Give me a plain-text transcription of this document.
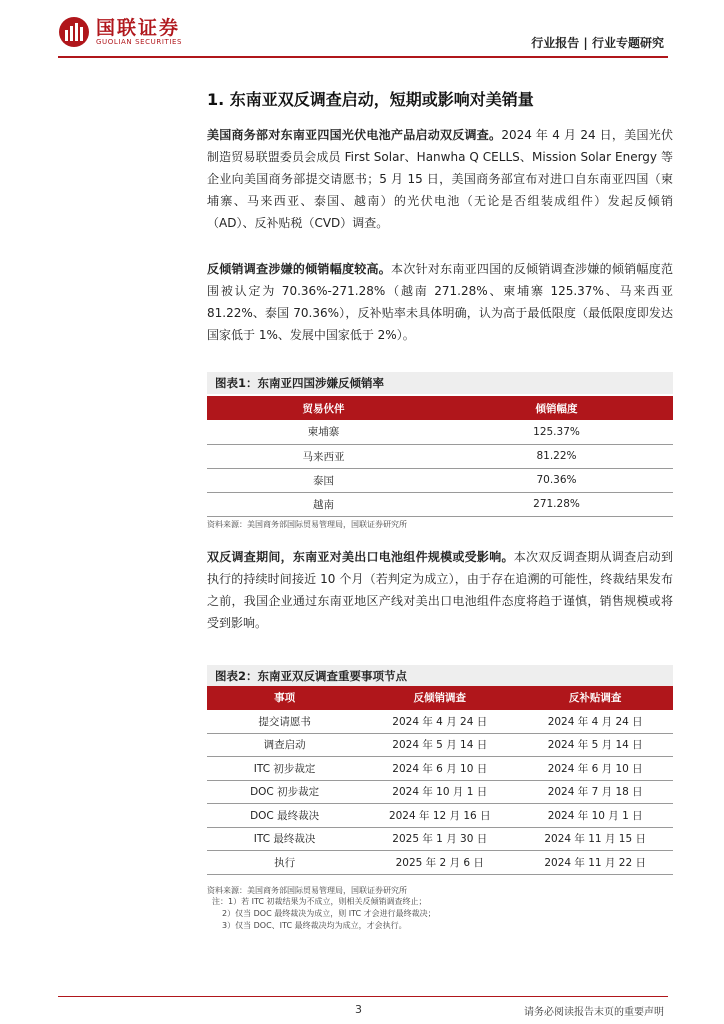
国联证券
GUOLIAN SECURITIES	行业报告 | 行业专题研究
1. 东南亚双反调查启动，短期或影响对美销量
美国商务部对东南亚四国光伏电池产品启动双反调查。2024 年 4 月 24 日，美国光伏制造贸易联盟委员会成员 First Solar、Hanwha Q CELLS、Mission Solar Energy 等企业向美国商务部提交请愿书；5 月 15 日，美国商务部宣布对进口自东南亚四国（柬埔寨、马来西亚、泰国、越南）的光伏电池（无论是否组装成组件）发起反倾销（AD）、反补贴税（CVD）调查。
反倾销调查涉嫌的倾销幅度较高。本次针对东南亚四国的反倾销调查涉嫌的倾销幅度范围被认定为 70.36%-271.28%（越南 271.28%、柬埔寨 125.37%、马来西亚 81.22%、泰国 70.36%），反补贴率未具体明确，认为高于最低限度（最低限度即发达国家低于 1%、发展中国家低于 2%）。
图表1：东南亚四国涉嫌反倾销率
贸易伙伴	倾销幅度
柬埔寨	125.37%
马来西亚	81.22%
泰国	70.36%
越南	271.28%
资料来源：美国商务部国际贸易管理局，国联证券研究所
双反调查期间，东南亚对美出口电池组件规模或受影响。本次双反调查期从调查启动到执行的持续时间接近 10 个月（若判定为成立），由于存在追溯的可能性，终裁结果发布之前，我国企业通过东南亚地区产线对美出口电池组件态度将趋于谨慎，销售规模或将受到影响。
图表2：东南亚双反调查重要事项节点
事项	反倾销调查	反补贴调查
提交请愿书	2024 年 4 月 24 日	2024 年 4 月 24 日
调查启动	2024 年 5 月 14 日	2024 年 5 月 14 日
ITC 初步裁定	2024 年 6 月 10 日	2024 年 6 月 10 日
DOC 初步裁定	2024 年 10 月 1 日	2024 年 7 月 18 日
DOC 最终裁决	2024 年 12 月 16 日	2024 年 10 月 1 日
ITC 最终裁决	2025 年 1 月 30 日	2024 年 11 月 15 日
执行	2025 年 2 月 6 日	2024 年 11 月 22 日
资料来源：美国商务部国际贸易管理局，国联证券研究所
注：1）若 ITC 初裁结果为不成立，则相关反倾销调查终止；
2）仅当 DOC 最终裁决为成立，则 ITC 才会进行最终裁决；
3）仅当 DOC、ITC 最终裁决均为成立，才会执行。
3	请务必阅读报告末页的重要声明
